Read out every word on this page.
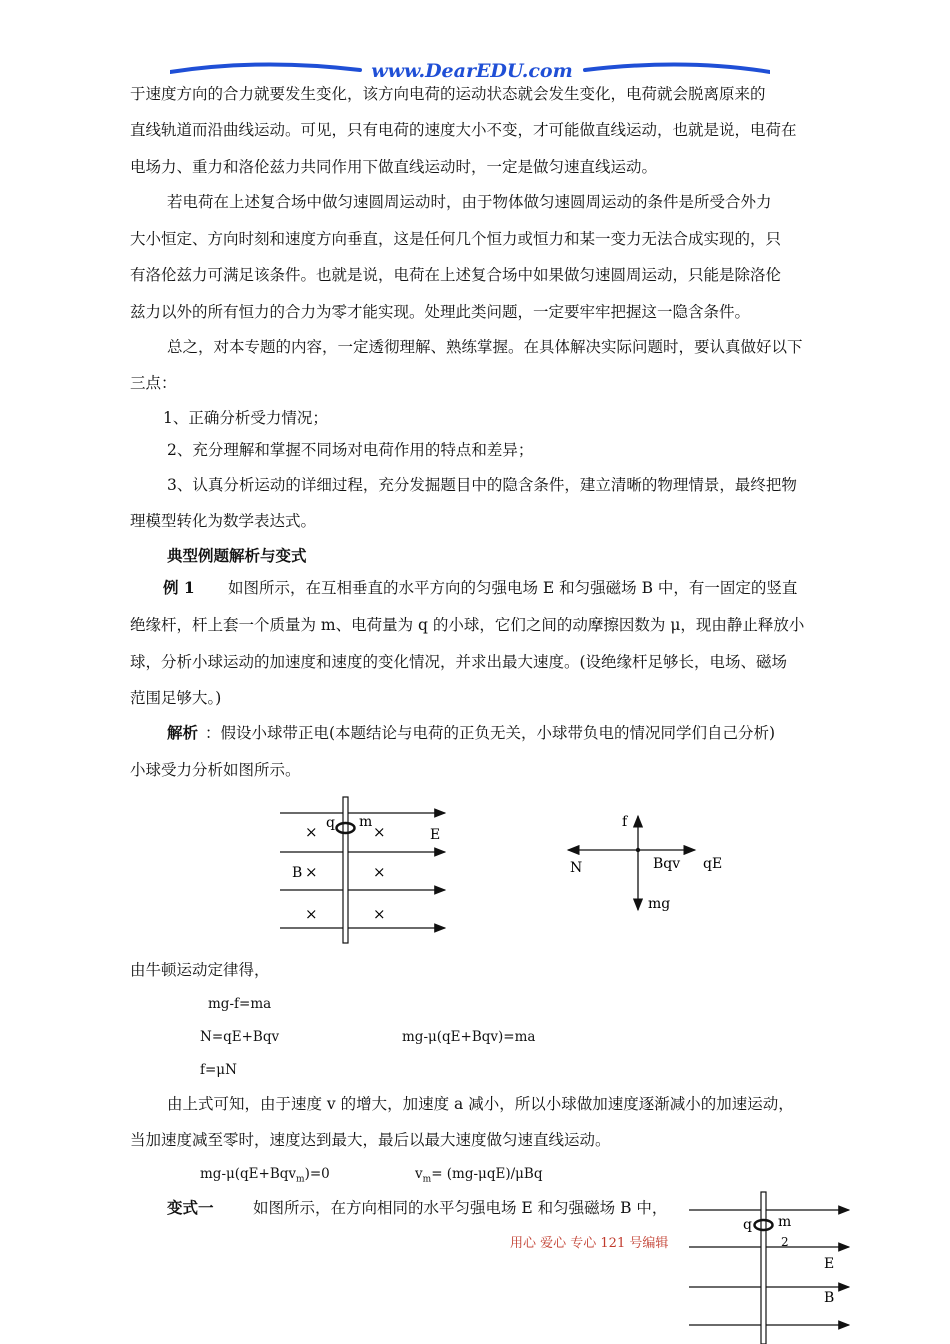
www.DearEDU.com
于速度方向的合力就要发生变化，该方向电荷的运动状态就会发生变化，电荷就会脱离原来的
直线轨道而沿曲线运动。可见，只有电荷的速度大小不变，才可能做直线运动，也就是说，电荷在
电场力、重力和洛伦兹力共同作用下做直线运动时，一定是做匀速直线运动。
若电荷在上述复合场中做匀速圆周运动时，由于物体做匀速圆周运动的条件是所受合外力
大小恒定、方向时刻和速度方向垂直，这是任何几个恒力或恒力和某一变力无法合成实现的，只
有洛伦兹力可满足该条件。也就是说，电荷在上述复合场中如果做匀速圆周运动，只能是除洛伦
兹力以外的所有恒力的合力为零才能实现。处理此类问题，一定要牢牢把握这一隐含条件。
总之，对本专题的内容，一定透彻理解、熟练掌握。在具体解决实际问题时，要认真做好以下
三点：
1、正确分析受力情况；
2、充分理解和掌握不同场对电荷作用的特点和差异；
3、认真分析运动的详细过程，充分发掘题目中的隐含条件，建立清晰的物理情景，最终把物
理模型转化为数学表达式。
典型例题解析与变式
例 1 如图所示，在互相垂直的水平方向的匀强电场 E 和匀强磁场 B 中，有一固定的竖直
绝缘杆，杆上套一个质量为 m、电荷量为 q 的小球，它们之间的动摩擦因数为 μ，现由静止释放小
球，分析小球运动的加速度和速度的变化情况，并求出最大速度。(设绝缘杆足够长，电场、磁场
范围足够大。)
解析 ：假设小球带正电(本题结论与电荷的正负无关，小球带负电的情况同学们自己分析)
小球受力分析如图所示。
q m
E
B
×	×
×	×
×	×
f
N	Bqv qE
mg
由牛顿运动定律得，
mg-f=ma
N=qE+Bqv	mg-μ(qE+Bqv)=ma
f=μN
由上式可知，由于速度 v 的增大，加速度 a 减小，所以小球做加速度逐渐减小的加速运动，
当加速度减至零时，速度达到最大，最后以最大速度做匀速直线运动。
mg-μ(qE+Bqv$_m$)=0	$v_m= (mg-\mu qE)/\mu Bq$
变式一	如图所示，在方向相同的水平匀强电场 E 和匀强磁场 B 中，
q m
E
B
用心 爱心 专心 121 号编辑	2
